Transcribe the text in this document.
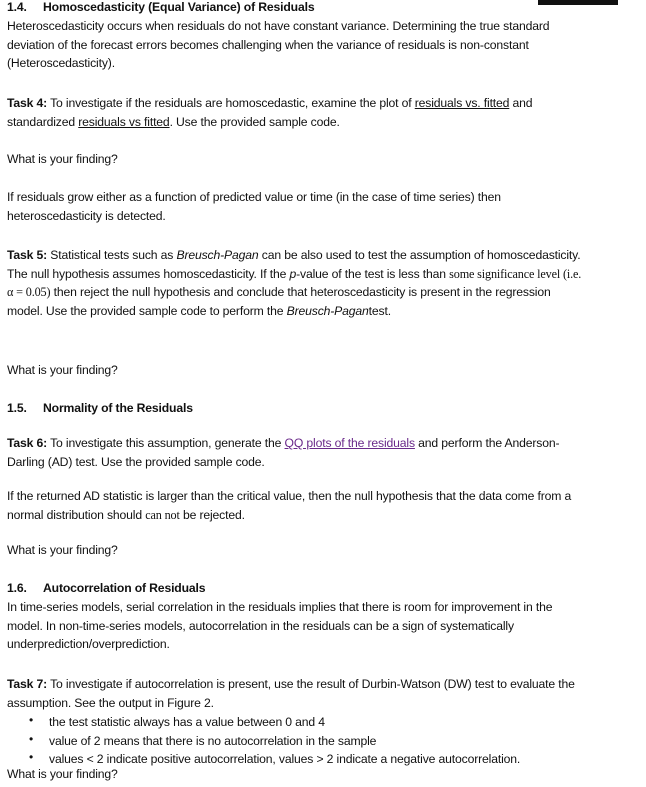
1.4. Homoscedasticity (Equal Variance) of Residuals

Heteroscedasticity occurs when residuals do not have constant variance. Determining the true standard deviation of the forecast errors becomes challenging when the variance of residuals is non-constant (Heteroscedasticity).

Task 4: To investigate if the residuals are homoscedastic, examine the plot of residuals vs. fitted and standardized residuals vs fitted. Use the provided sample code.

What is your finding?

If residuals grow either as a function of predicted value or time (in the case of time series) then heteroscedasticity is detected.

Task 5: Statistical tests such as Breusch-Pagan can be also used to test the assumption of homoscedasticity. The null hypothesis assumes homoscedasticity. If the p-value of the test is less than some significance level (i.e. α = 0.05) then reject the null hypothesis and conclude that heteroscedasticity is present in the regression model. Use the provided sample code to perform the Breusch-Pagantest.

What is your finding?

1.5. Normality of the Residuals

Task 6: To investigate this assumption, generate the QQ plots of the residuals and perform the Anderson-Darling (AD) test. Use the provided sample code.

If the returned AD statistic is larger than the critical value, then the null hypothesis that the data come from a normal distribution should can not be rejected.

What is your finding?

1.6. Autocorrelation of Residuals

In time-series models, serial correlation in the residuals implies that there is room for improvement in the model. In non-time-series models, autocorrelation in the residuals can be a sign of systematically underprediction/overprediction.

Task 7: To investigate if autocorrelation is present, use the result of Durbin-Watson (DW) test to evaluate the assumption. See the output in Figure 2.

• the test statistic always has a value between 0 and 4
• value of 2 means that there is no autocorrelation in the sample
• values < 2 indicate positive autocorrelation, values > 2 indicate a negative autocorrelation.

What is your finding?
